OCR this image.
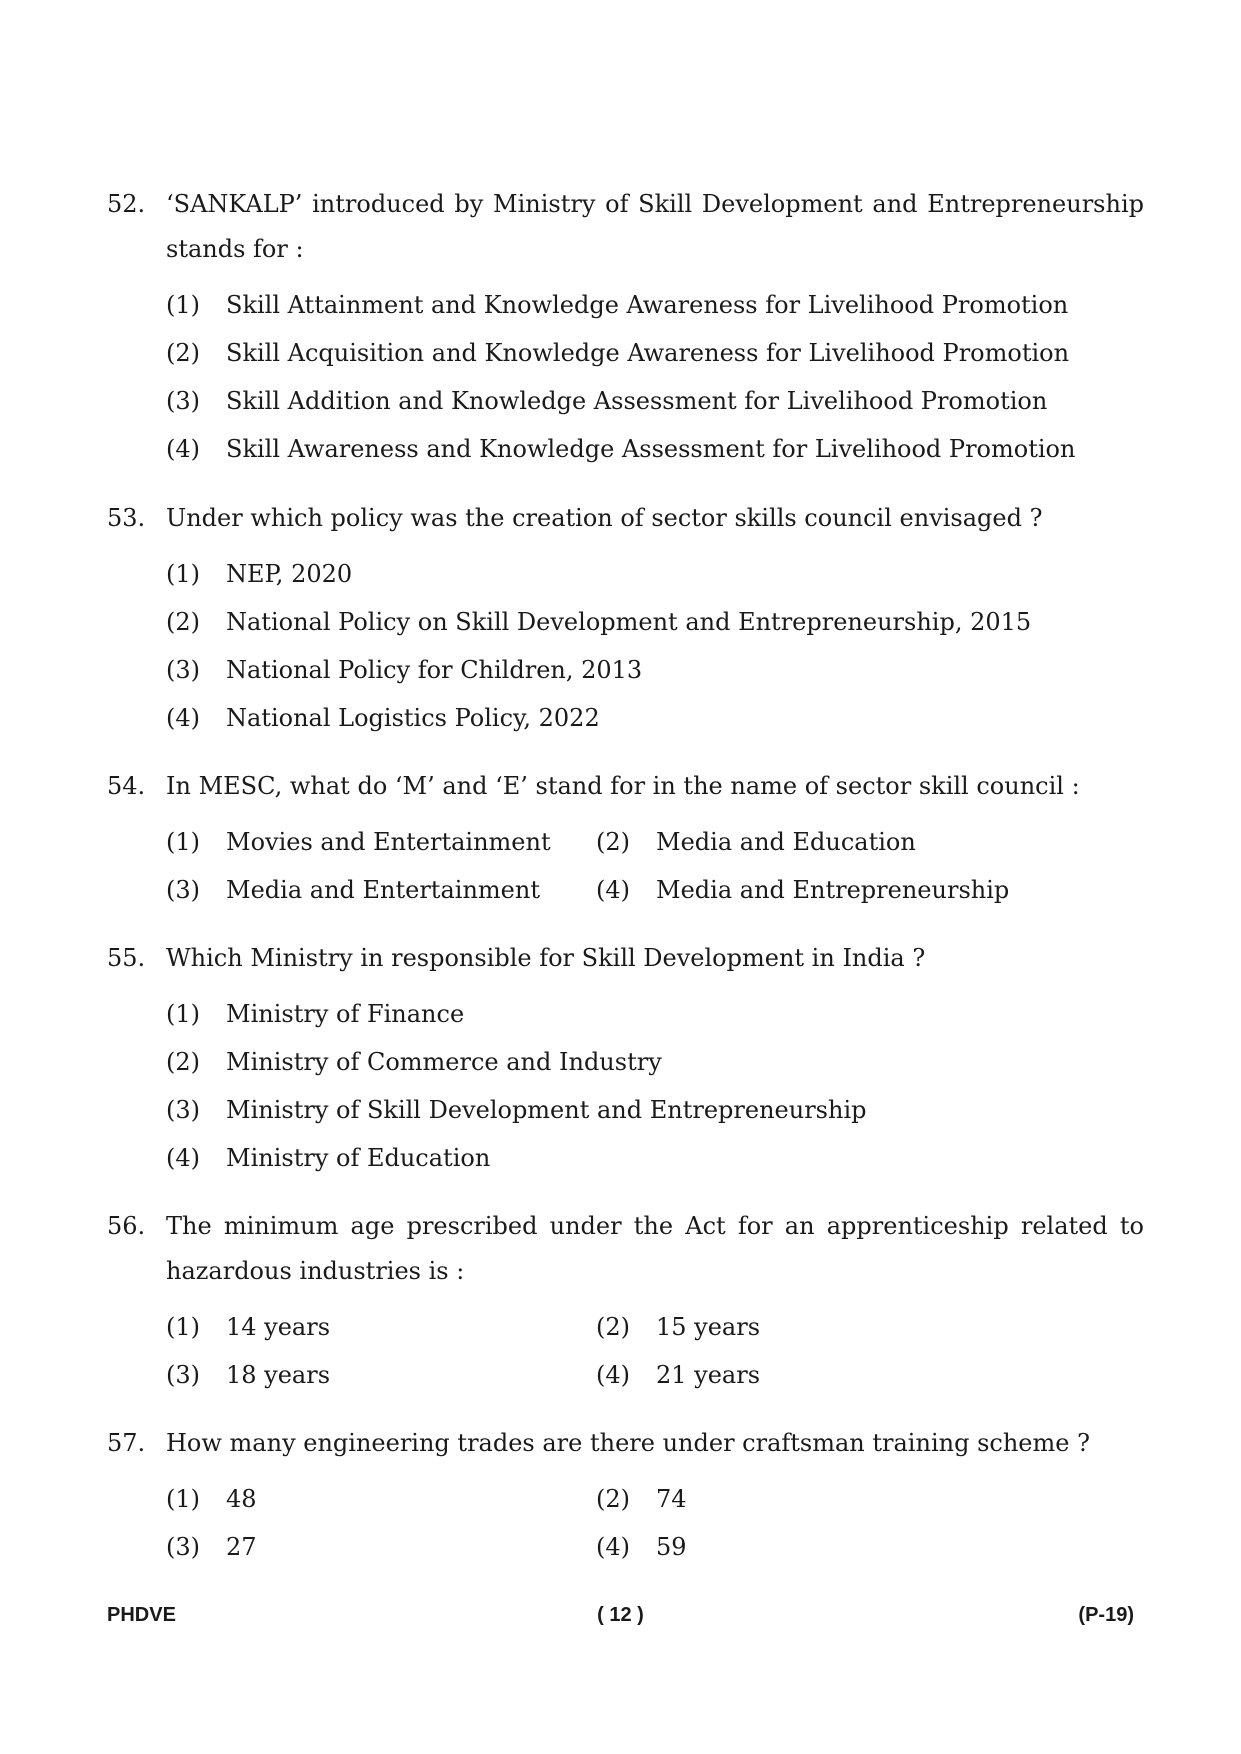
52. ‘SANKALP’ introduced by Ministry of Skill Development and Entrepreneurship stands for :
(1)	Skill Attainment and Knowledge Awareness for Livelihood Promotion
(2)	Skill Acquisition and Knowledge Awareness for Livelihood Promotion
(3)	Skill Addition and Knowledge Assessment for Livelihood Promotion
(4)	Skill Awareness and Knowledge Assessment for Livelihood Promotion
53. Under which policy was the creation of sector skills council envisaged ?
(1)	NEP, 2020
(2)	National Policy on Skill Development and Entrepreneurship, 2015
(3)	National Policy for Children, 2013
(4)	National Logistics Policy, 2022
54. In MESC, what do ‘M’ and ‘E’ stand for in the name of sector skill council :
(1)	Movies and Entertainment (2)	Media and Education
(3)	Media and Entertainment (4)	Media and Entrepreneurship
55. Which Ministry in responsible for Skill Development in India ?
(1)	Ministry of Finance
(2)	Ministry of Commerce and Industry
(3)	Ministry of Skill Development and Entrepreneurship
(4)	Ministry of Education
56. The minimum age prescribed under the Act for an apprenticeship related to hazardous industries is :
(1)	14 years	(2)	15 years
(3)	18 years	(4)	21 years
57. How many engineering trades are there under craftsman training scheme ?
(1)	48	(2)	74
(3)	27	(4)	59
( 12 )
PHDVE	(P-19)
